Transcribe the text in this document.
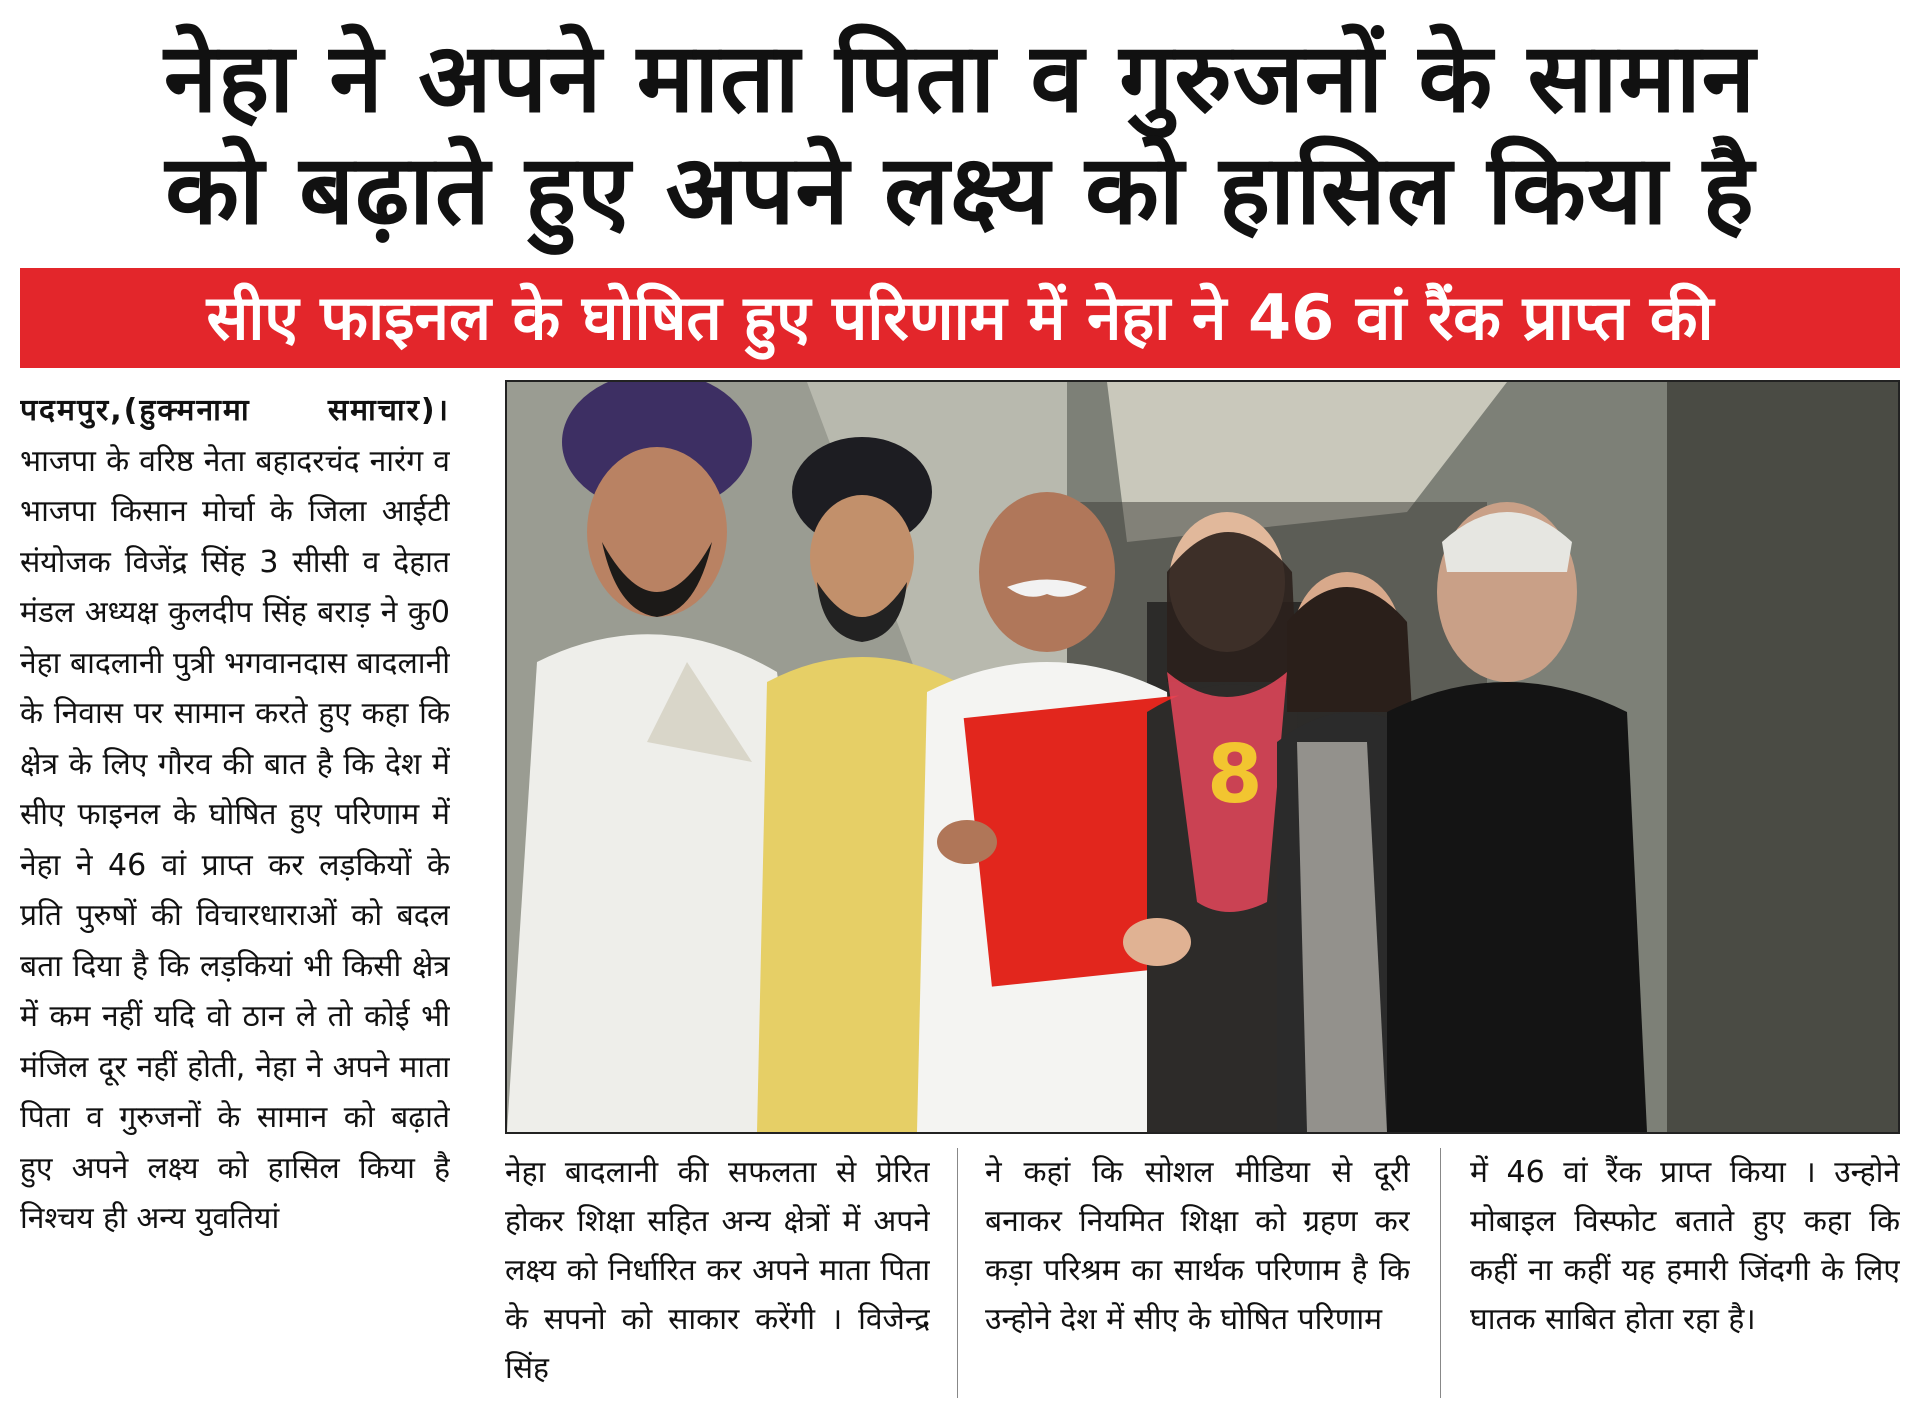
नेहा ने अपने माता पिता व गुरुजनों के सामान
को बढ़ाते हुए अपने लक्ष्य को हासिल किया है
सीए फाइनल के घोषित हुए परिणाम में नेहा ने 46 वां रैंक प्राप्त की
पदमपुर,(हुक्मनामा समाचार)। भाजपा के वरिष्ठ नेता बहादरचंद नारंग व भाजपा किसान मोर्चा के जिला आईटी संयोजक विजेंद्र सिंह 3 सीसी व देहात मंडल अध्यक्ष कुलदीप सिंह बराड़ ने कु0 नेहा बादलानी पुत्री भगवानदास बादलानी के निवास पर सामान करते हुए कहा कि क्षेत्र के लिए गौरव की बात है कि देश में सीए फाइनल के घोषित हुए परिणाम में नेहा ने 46 वां प्राप्त कर लड़कियों के प्रति पुरुषों की विचारधाराओं को बदल बता दिया है कि लड़कियां भी किसी क्षेत्र में कम नहीं यदि वो ठान ले तो कोई भी मंजिल दूर नहीं होती, नेहा ने अपने माता पिता व गुरुजनों के सामान को बढ़ाते हुए अपने लक्ष्य को हासिल किया है निश्चय ही अन्य युवतियां
8
नेहा बादलानी की सफलता से प्रेरित होकर शिक्षा सहित अन्य क्षेत्रों में अपने लक्ष्य को निर्धारित कर अपने माता पिता के सपनो को साकार करेंगी । विजेन्द्र सिंह
ने कहां कि सोशल मीडिया से दूरी बनाकर नियमित शिक्षा को ग्रहण कर कड़ा परिश्रम का सार्थक परिणाम है कि उन्होने देश में सीए के घोषित परिणाम
में 46 वां रैंक प्राप्त किया । उन्होने मोबाइल विस्फोट बताते हुए कहा कि कहीं ना कहीं यह हमारी जिंदगी के लिए घातक साबित होता रहा है।
